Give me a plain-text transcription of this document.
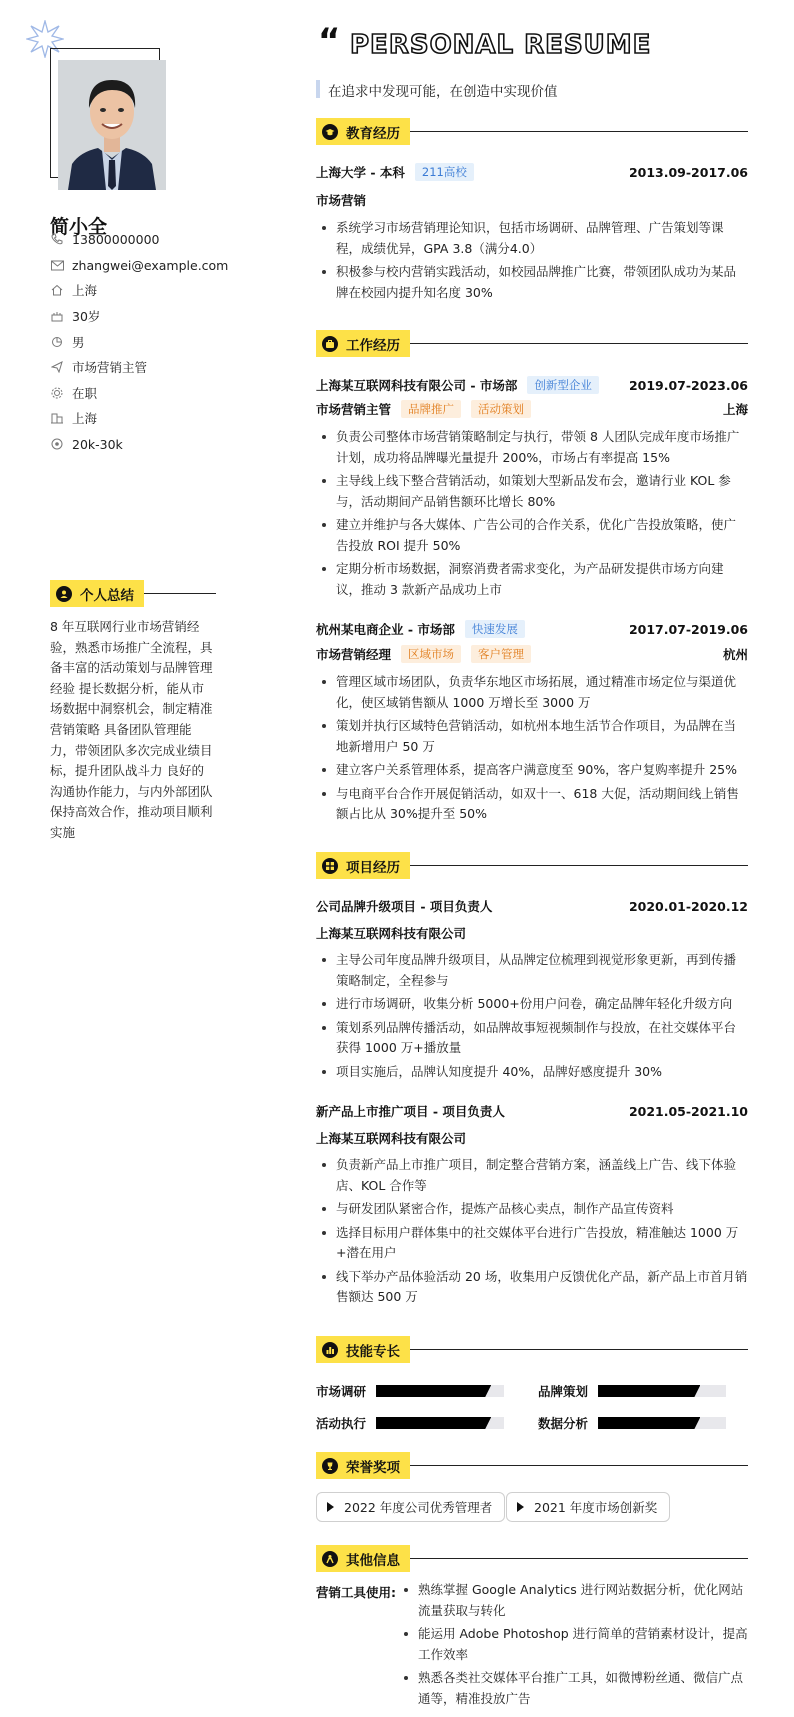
简小全
13800000000
zhangwei@example.com
上海
30岁
男
市场营销主管
在职
上海
20k-30k
个人总结
8 年互联网行业市场营销经验，熟悉市场推广全流程，具备丰富的活动策划与品牌管理经验 提长数据分析，能从市场数据中洞察机会，制定精准营销策略 具备团队管理能力，带领团队多次完成业绩目标，提升团队战斗力 良好的沟通协作能力，与内外部团队保持高效合作，推动项目顺利实施
“ PERSONAL RESUME
在追求中发现可能，在创造中实现价值
教育经历
上海大学 - 本科	211高校	2013.09-2017.06
市场营销
系统学习市场营销理论知识，包括市场调研、品牌管理、广告策划等课程，成绩优异，GPA 3.8（满分4.0）
积极参与校内营销实践活动，如校园品牌推广比赛，带领团队成功为某品牌在校园内提升知名度 30%
工作经历
上海某互联网科技有限公司 - 市场部	创新型企业	2019.07-2023.06
市场营销主管	品牌推广	活动策划	上海
负责公司整体市场营销策略制定与执行，带领 8 人团队完成年度市场推广计划，成功将品牌曝光量提升 200%，市场占有率提高 15%
主导线上线下整合营销活动，如策划大型新品发布会，邀请行业 KOL 参与，活动期间产品销售额环比增长 80%
建立并维护与各大媒体、广告公司的合作关系，优化广告投放策略，使广告投放 ROI 提升 50%
定期分析市场数据，洞察消费者需求变化，为产品研发提供市场方向建议，推动 3 款新产品成功上市
杭州某电商企业 - 市场部	快速发展	2017.07-2019.06
市场营销经理	区域市场	客户管理	杭州
管理区域市场团队，负责华东地区市场拓展，通过精准市场定位与渠道优化，使区域销售额从 1000 万增长至 3000 万
策划并执行区域特色营销活动，如杭州本地生活节合作项目，为品牌在当地新增用户 50 万
建立客户关系管理体系，提高客户满意度至 90%，客户复购率提升 25%
与电商平台合作开展促销活动，如双十一、618 大促，活动期间线上销售额占比从 30%提升至 50%
项目经历
公司品牌升级项目 - 项目负责人	2020.01-2020.12
上海某互联网科技有限公司
主导公司年度品牌升级项目，从品牌定位梳理到视觉形象更新，再到传播策略制定，全程参与
进行市场调研，收集分析 5000+份用户问卷，确定品牌年轻化升级方向
策划系列品牌传播活动，如品牌故事短视频制作与投放，在社交媒体平台获得 1000 万+播放量
项目实施后，品牌认知度提升 40%，品牌好感度提升 30%
新产品上市推广项目 - 项目负责人	2021.05-2021.10
上海某互联网科技有限公司
负责新产品上市推广项目，制定整合营销方案，涵盖线上广告、线下体验店、KOL 合作等
与研发团队紧密合作，提炼产品核心卖点，制作产品宣传资料
选择目标用户群体集中的社交媒体平台进行广告投放，精准触达 1000 万+潜在用户
线下举办产品体验活动 20 场，收集用户反馈优化产品，新产品上市首月销售额达 500 万
技能专长
市场调研	品牌策划
活动执行	数据分析
荣誉奖项
2022 年度公司优秀管理者	2021 年度市场创新奖
其他信息
营销工具使用:	熟练掌握 Google Analytics 进行网站数据分析，优化网站流量获取与转化
能运用 Adobe Photoshop 进行简单的营销素材设计，提高工作效率
熟悉各类社交媒体平台推广工具，如微博粉丝通、微信广点通等，精准投放广告
